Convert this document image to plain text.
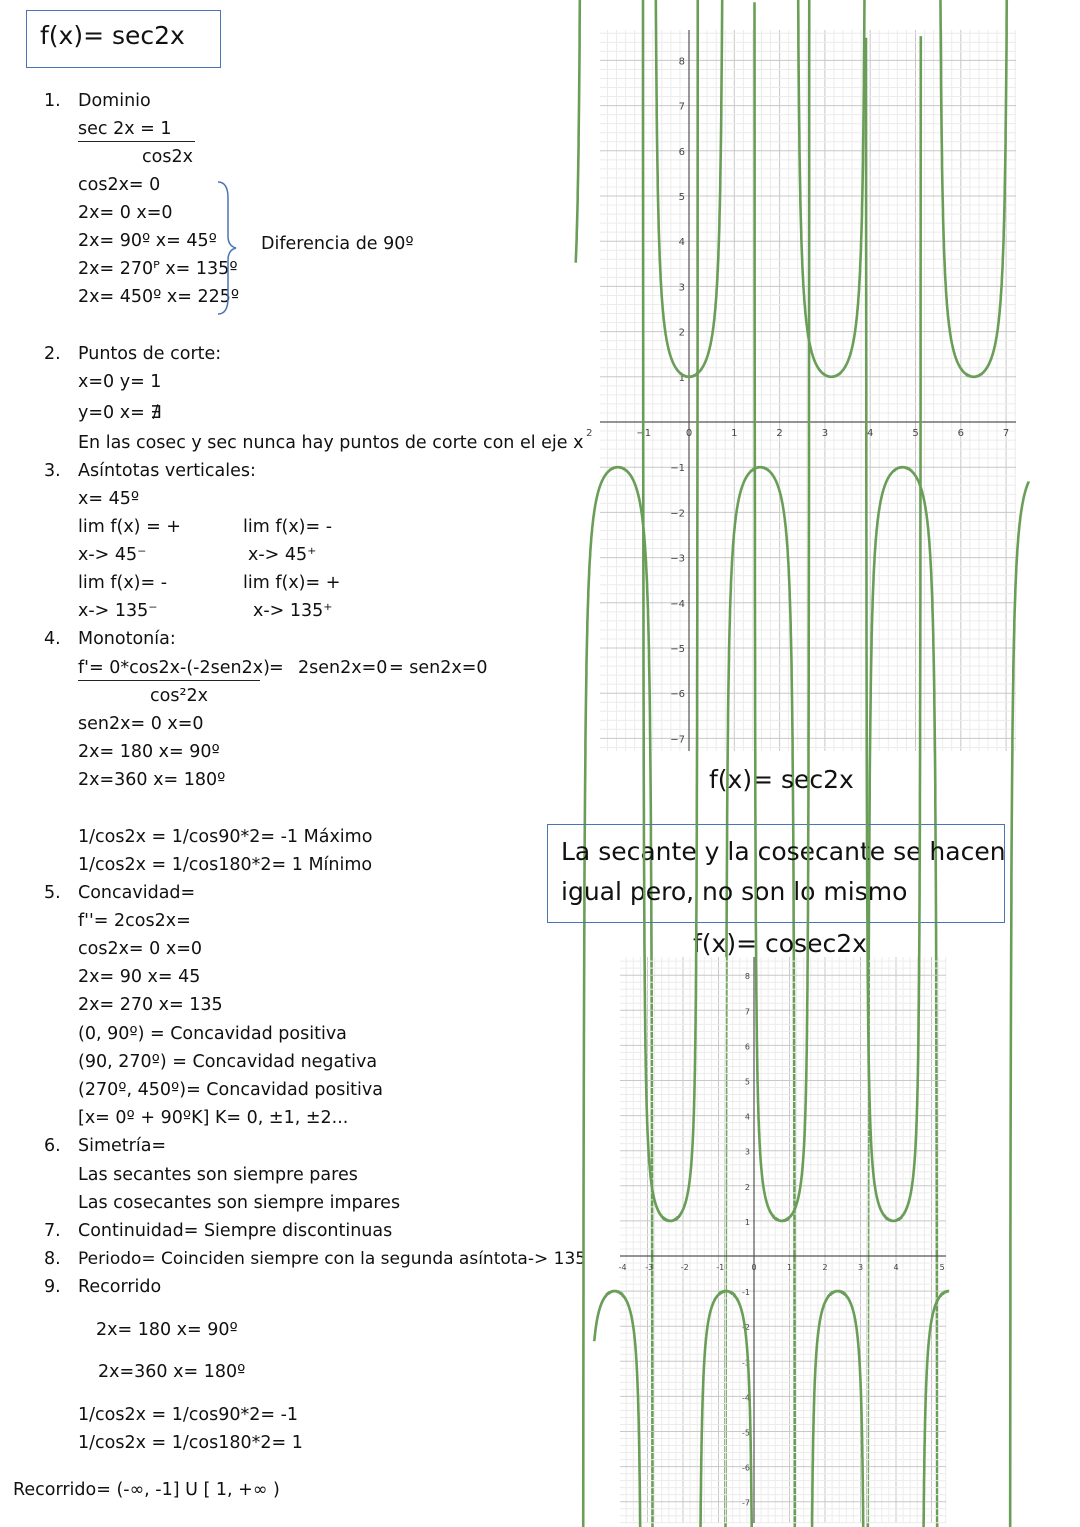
f(x)= sec2x
1. Dominio
sec 2x = 1
cos2x
cos2x= 0
2x= 0 x=0
2x= 90º x= 45º
2x= 270ᴾ x= 135º
2x= 450º x= 225º
Diferencia de 90º
2. Puntos de corte:
x=0 y= 1
y=0 x= ∄
En las cosec y sec nunca hay puntos de corte con el eje x
3. Asíntotas verticales:
x= 45º
lim f(x) = +	lim f(x)= -
x-> 45⁻	x-> 45⁺
lim f(x)= -	lim f(x)= +
x-> 135⁻	x-> 135⁺
4. Monotonía:
f'= 0*cos2x-(-2sen2x) = 2sen2x=0 = sen2x=0
cos²2x
sen2x= 0 x=0
2x= 180 x= 90º
2x=360 x= 180º
1/cos2x = 1/cos90*2= -1 Máximo
1/cos2x = 1/cos180*2= 1 Mínimo
5. Concavidad=
f''= 2cos2x=
cos2x= 0 x=0
2x= 90 x= 45
2x= 270 x= 135
(0, 90º) = Concavidad positiva
(90, 270º) = Concavidad negativa
(270º, 450º)= Concavidad positiva
[x= 0º + 90ºK] K= 0, ±1, ±2...
6. Simetría=
Las secantes son siempre pares
Las cosecantes son siempre impares
7. Continuidad= Siempre discontinuas
8. Periodo= Coinciden siempre con la segunda asíntota-> 135
9. Recorrido
2x= 180 x= 90º
2x=360 x= 180º
1/cos2x = 1/cos90*2= -1
1/cos2x = 1/cos180*2= 1
Recorrido= (-∞, -1] U [ 1, +∞ )
2	−1	0	1	2	3	4	5	6	7
8
7
6
5
4
3
2
1
−1
−2
−3
−4
−5
−6
−7
f(x)= sec2x
La secante y la cosecante se hacen
igual pero, no son lo mismo
f(x)= cosec2x
-4 -3	-2	-1	0	1	2	3	4	5
8
7
6
5
4
3
2
1
-1
-2
-3
-4
-5
-6
-7
